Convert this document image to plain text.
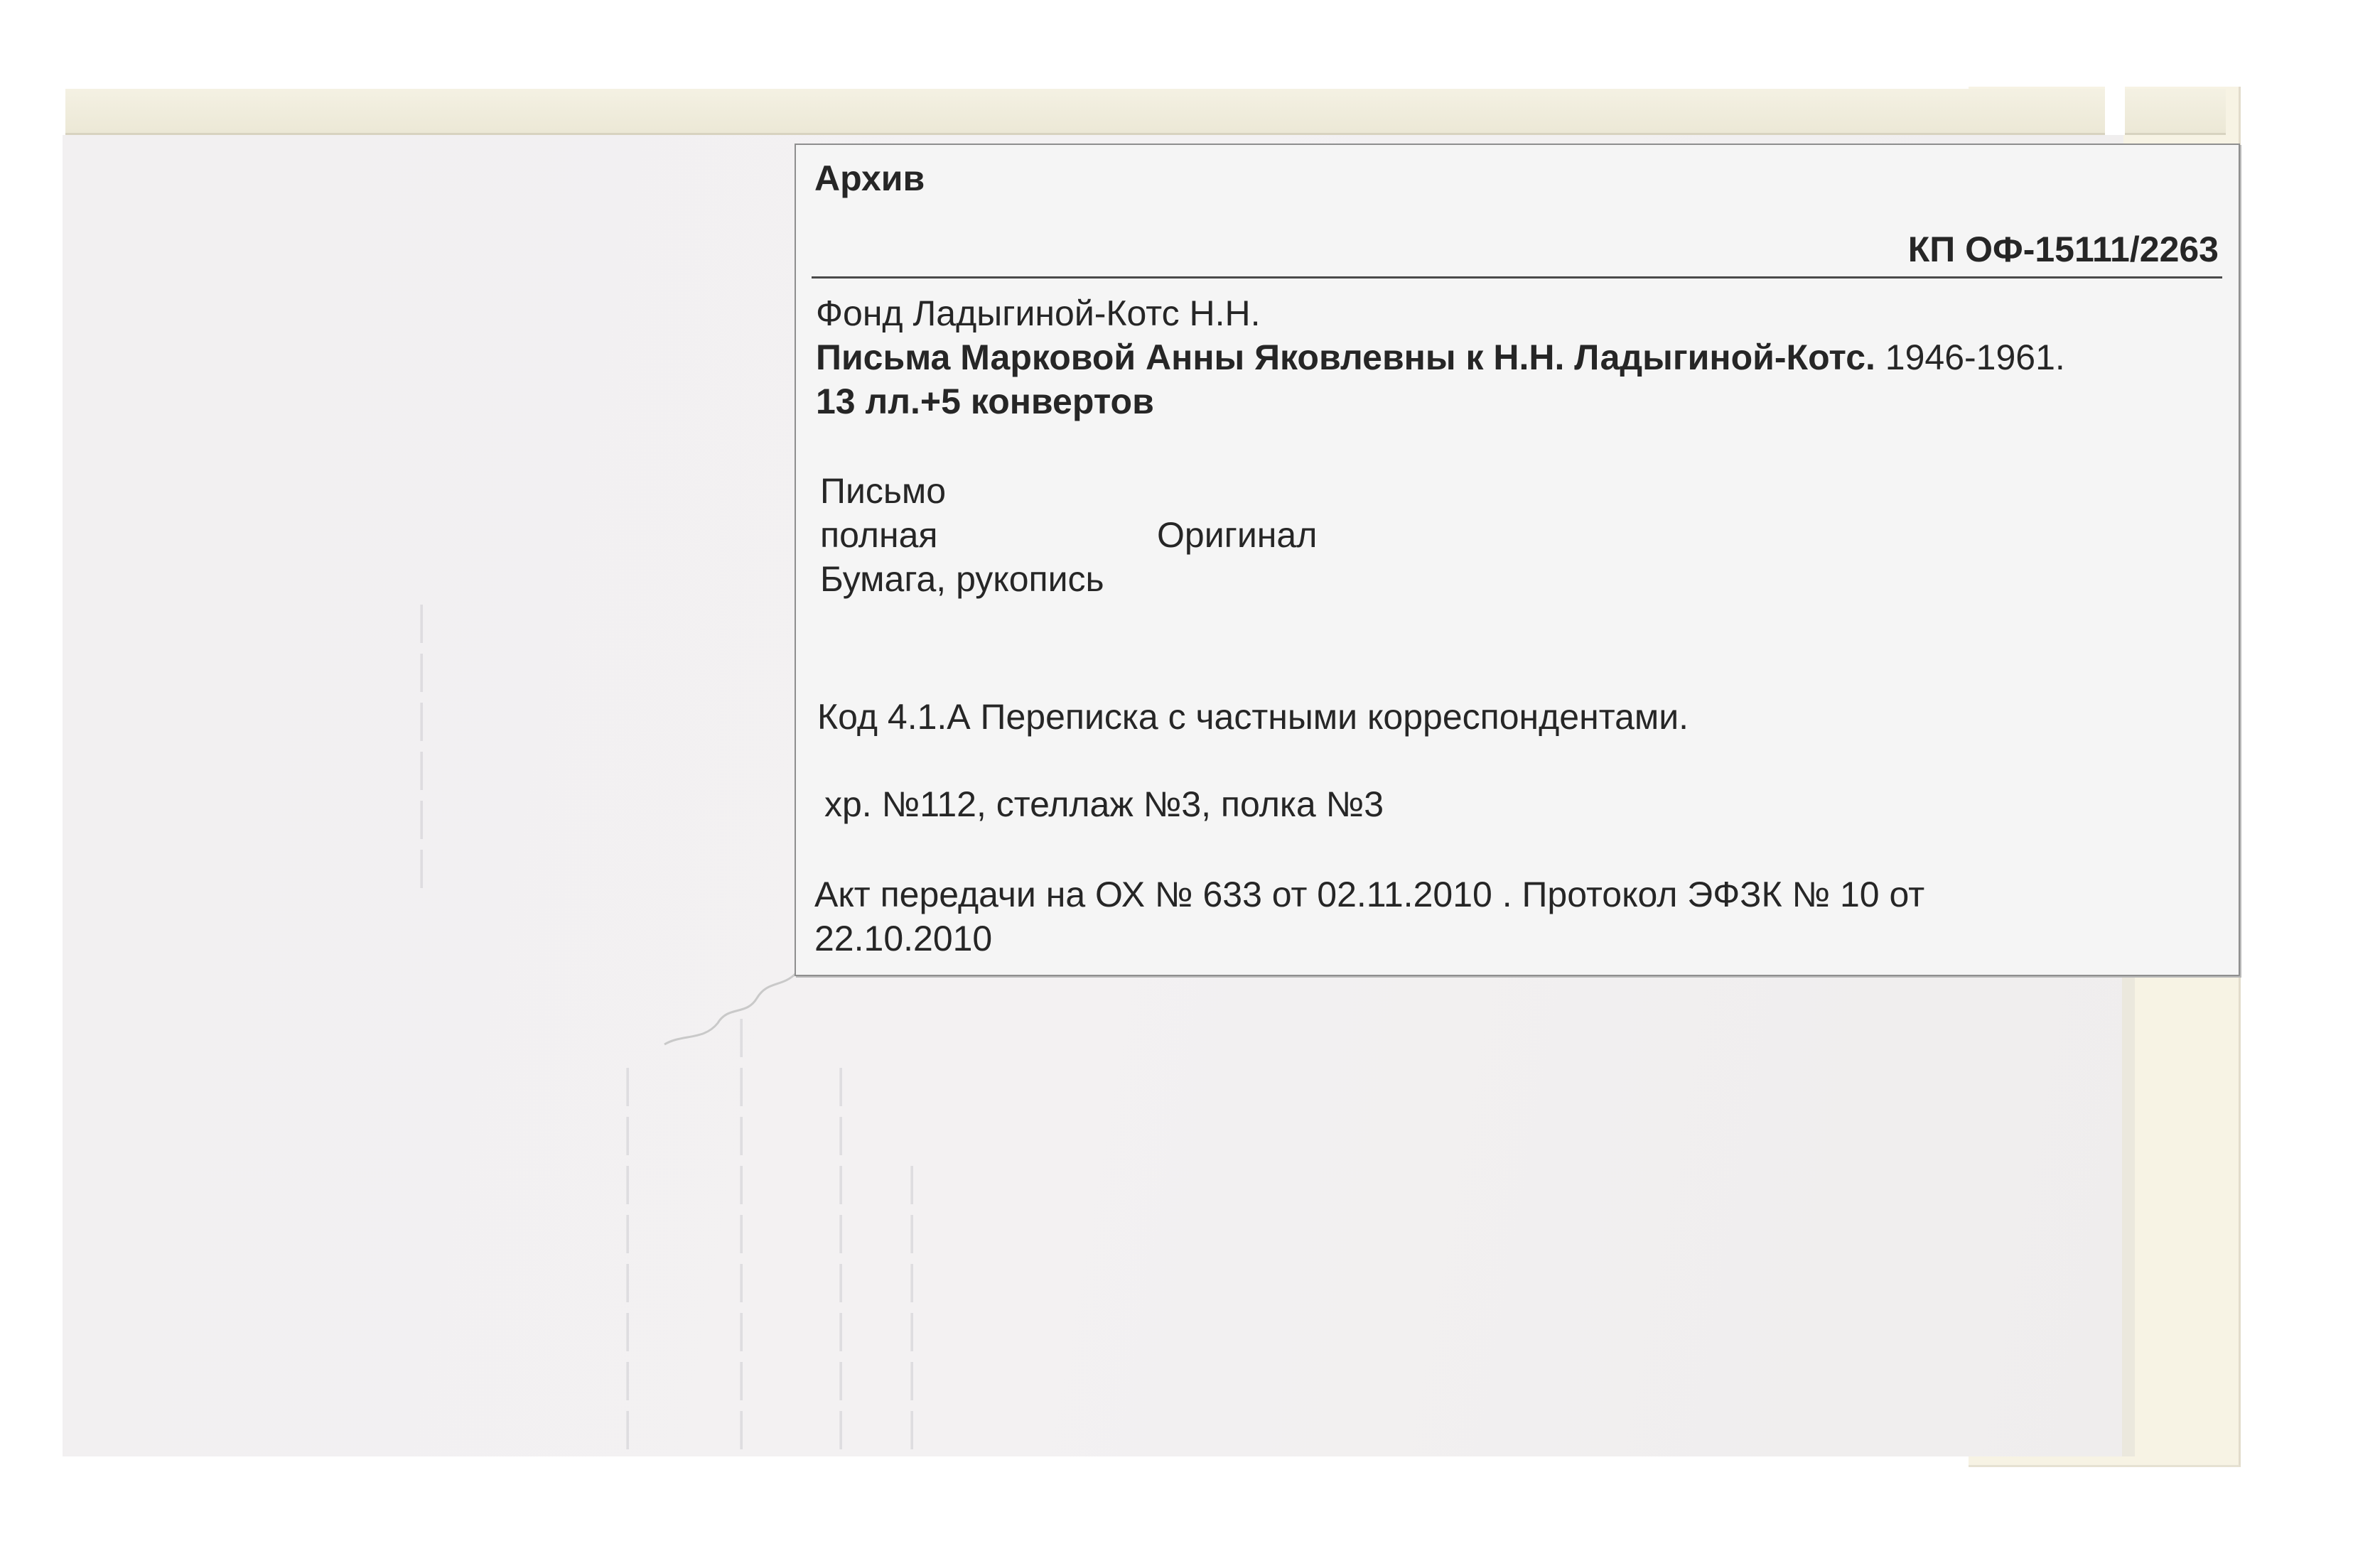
— — — — — —
— — — — — — — — — — — — — — — — — — — — — — — — — — — — — — —
Архив
КП ОФ-15111/2263
Фонд Ладыгиной-Котс Н.Н.
Письма Марковой Анны Яковлевны к Н.Н. Ладыгиной-Котс. 1946-1961.
13 лл.+5 конвертов
Письмо
полная	Оригинал
Бумага, рукопись
Код 4.1.А Переписка с частными корреспондентами.
хр. №112, стеллаж №3, полка №3
Акт передачи на ОХ № 633 от 02.11.2010 . Протокол ЭФЗК № 10 от
22.10.2010
